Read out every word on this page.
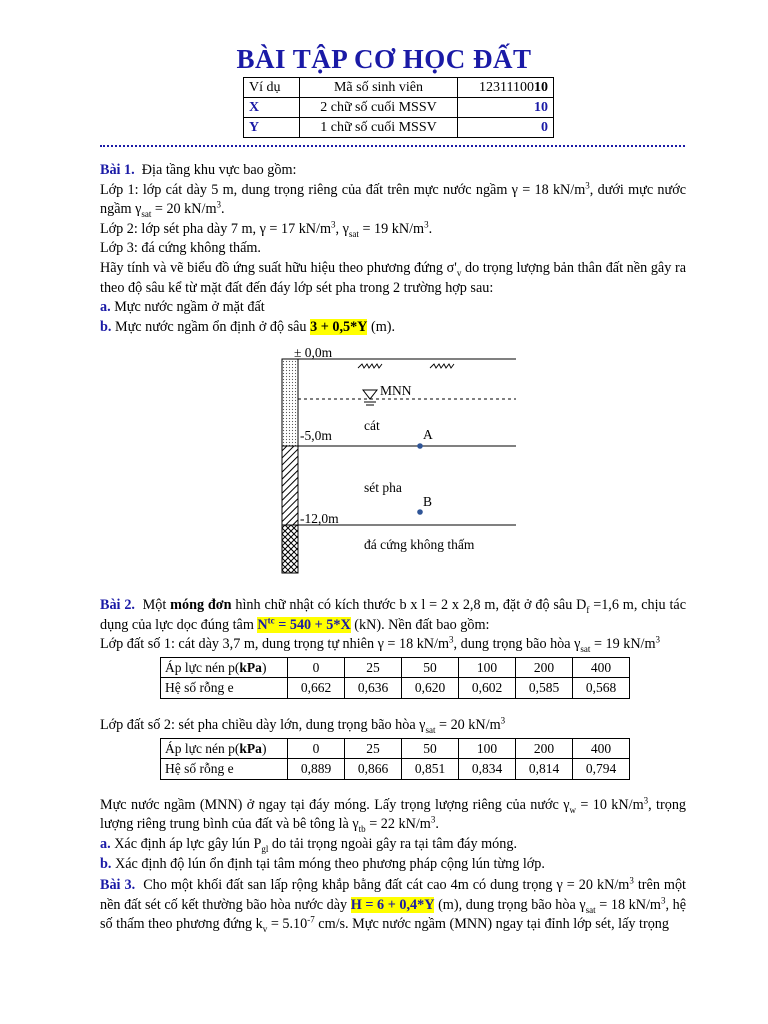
BÀI TẬP CƠ HỌC ĐẤT
Ví dụ	Mã số sinh viên	1231110010
X	2 chữ số cuối MSSV	10
Y	1 chữ số cuối MSSV	0

Bài 1. Địa tầng khu vực bao gồm:

Lớp 1: lớp cát dày 5 m, dung trọng riêng của đất trên mực nước ngầm γ = 18 $kN/m^3$, dưới mực nước ngầm $\gamma_{sat} = 20$ $kN/m^3$.

Lớp 2: lớp sét pha dày 7 m, γ = 17 $kN/m^3$, $\gamma_{sat} = 19$ $kN/m^3$.

Lớp 3: đá cứng không thấm.

Hãy tính và vẽ biểu đồ ứng suất hữu hiệu theo phương đứng $\sigma'_v$ do trọng lượng bản thân đất nền gây ra theo độ sâu kể từ mặt đất đến đáy lớp sét pha trong 2 trường hợp sau:

a. Mực nước ngầm ở mặt đất

b. Mực nước ngầm ổn định ở độ sâu 3 + 0,5*Y (m).

± 0,0m
MNN
cát
A
-5,0m
sét pha
B
-12,0m
đá cứng không thấm

Bài 2. Một móng đơn hình chữ nhật có kích thước b x l = 2 x 2,8 m, đặt ở độ sâu $D_f =1,6$ m, chịu tác dụng của lực dọc đúng tâm $N^{tc} = 540 + 5*X$ (kN). Nền đất bao gồm:

Lớp đất số 1: cát dày 3,7 m, dung trọng tự nhiên γ = 18 $kN/m^3$, dung trọng bão hòa $\gamma_{sat} = 19$ $kN/m^3$

Áp lực nén p(kPa)	0	25	50	100	200	400
Hệ số rỗng e	0,662	0,636	0,620	0,602	0,585	0,568

Lớp đất số 2: sét pha chiều dày lớn, dung trọng bão hòa $\gamma_{sat} = 20$ $kN/m^3$

Áp lực nén p(kPa)	0	25	50	100	200	400
Hệ số rỗng e	0,889	0,866	0,851	0,834	0,814	0,794

Mực nước ngầm (MNN) ở ngay tại đáy móng. Lấy trọng lượng riêng của nước $\gamma_w = 10$ $kN/m^3$, trọng lượng riêng trung bình của đất và bê tông là $\gamma_{tb} = 22$ $kN/m^3$.

a. Xác định áp lực gây lún $P_{gl}$ do tải trọng ngoài gây ra tại tâm đáy móng.

b. Xác định độ lún ổn định tại tâm móng theo phương pháp cộng lún từng lớp.

Bài 3. Cho một khối đất san lấp rộng khắp bằng đất cát cao 4m có dung trọng γ = 20 $kN/m^3$ trên một nền đất sét cố kết thường bão hòa nước dày H = 6 + 0,4*Y (m), dung trọng bão hòa $\gamma_{sat} = 18$ $kN/m^3$, hệ số thấm theo phương đứng $k_v = 5.10^{-7}$ cm/s. Mực nước ngầm (MNN) ngay tại đỉnh lớp sét, lấy trọng
